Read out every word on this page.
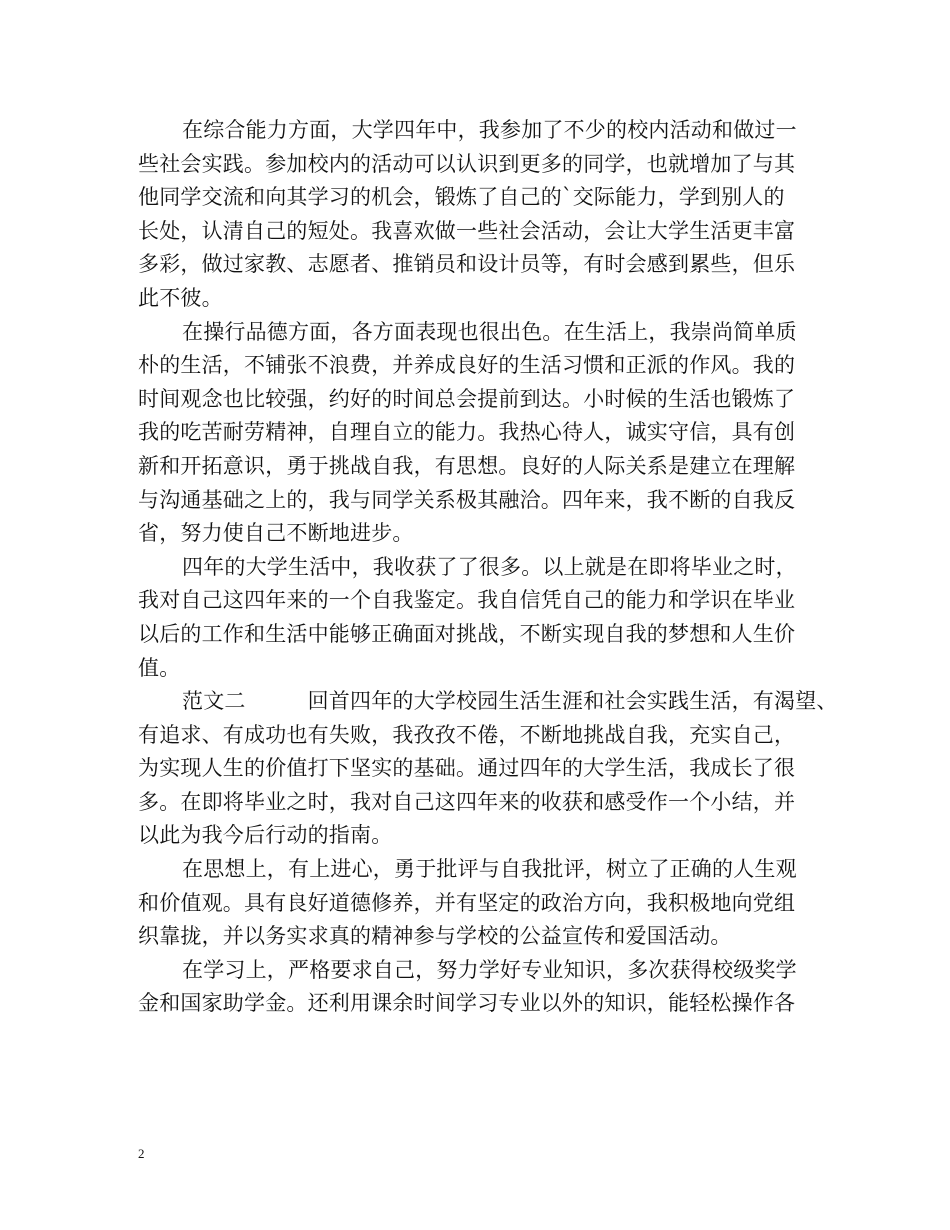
在综合能力方面，大学四年中，我参加了不少的校内活动和做过一
些社会实践。参加校内的活动可以认识到更多的同学，也就增加了与其
他同学交流和向其学习的机会，锻炼了自己的`交际能力，学到别人的
长处，认清自己的短处。我喜欢做一些社会活动，会让大学生活更丰富
多彩，做过家教、志愿者、推销员和设计员等，有时会感到累些，但乐
此不彼。
在操行品德方面，各方面表现也很出色。在生活上，我崇尚简单质
朴的生活，不铺张不浪费，并养成良好的生活习惯和正派的作风。我的
时间观念也比较强，约好的时间总会提前到达。小时候的生活也锻炼了
我的吃苦耐劳精神，自理自立的能力。我热心待人，诚实守信，具有创
新和开拓意识，勇于挑战自我，有思想。良好的人际关系是建立在理解
与沟通基础之上的，我与同学关系极其融洽。四年来，我不断的自我反
省，努力使自己不断地进步。
四年的大学生活中，我收获了了很多。以上就是在即将毕业之时，
我对自己这四年来的一个自我鉴定。我自信凭自己的能力和学识在毕业
以后的工作和生活中能够正确面对挑战，不断实现自我的梦想和人生价
值。
范文二	回首四年的大学校园生活生涯和社会实践生活，有渴望、
有追求、有成功也有失败，我孜孜不倦，不断地挑战自我，充实自己，
为实现人生的价值打下坚实的基础。通过四年的大学生活，我成长了很
多。在即将毕业之时，我对自己这四年来的收获和感受作一个小结，并
以此为我今后行动的指南。
在思想上，有上进心，勇于批评与自我批评，树立了正确的人生观
和价值观。具有良好道德修养，并有坚定的政治方向，我积极地向党组
织靠拢，并以务实求真的精神参与学校的公益宣传和爱国活动。
在学习上，严格要求自己，努力学好专业知识，多次获得校级奖学
金和国家助学金。还利用课余时间学习专业以外的知识，能轻松操作各
2
